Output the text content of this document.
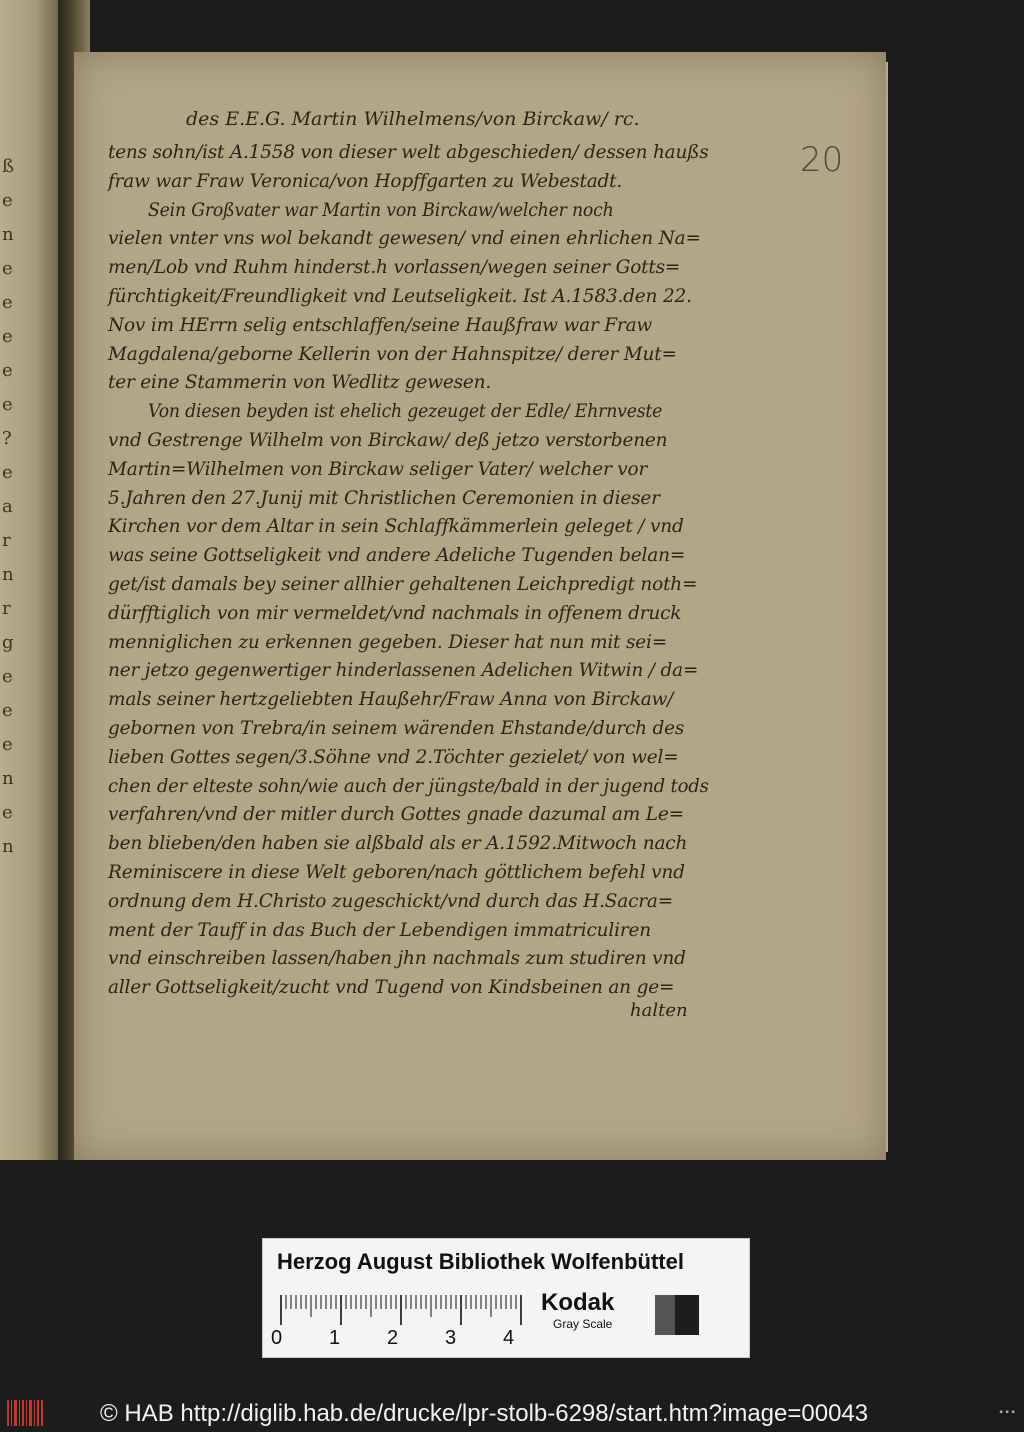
ß
e
n
e
e
e
e
e
?
e
a
r
n
r
g
e
e
e
n
e
n
des E.E.G. Martin Wilhelmens/von Birckaw/ rc.
20
tens sohn/ist A.1558 von dieser welt abgeschieden/ dessen haußs
fraw war Fraw Veronica/von Hopffgarten zu Webestadt.
Sein Großvater war Martin von Birckaw/welcher noch
vielen vnter vns wol bekandt gewesen/ vnd einen ehrlichen Na=
men/Lob vnd Ruhm hinderst.h vorlassen/wegen seiner Gotts=
fürchtigkeit/Freundligkeit vnd Leutseligkeit. Ist A.1583.den 22.
Nov im HErrn selig entschlaffen/seine Haußfraw war Fraw
Magdalena/geborne Kellerin von der Hahnspitze/ derer Mut=
ter eine Stammerin von Wedlitz gewesen.
Von diesen beyden ist ehelich gezeuget der Edle/ Ehrnveste
vnd Gestrenge Wilhelm von Birckaw/ deß jetzo verstorbenen
Martin=Wilhelmen von Birckaw seliger Vater/ welcher vor
5.Jahren den 27.Junij mit Christlichen Ceremonien in dieser
Kirchen vor dem Altar in sein Schlaffkämmerlein geleget / vnd
was seine Gottseligkeit vnd andere Adeliche Tugenden belan=
get/ist damals bey seiner allhier gehaltenen Leichpredigt noth=
dürfftiglich von mir vermeldet/vnd nachmals in offenem druck
menniglichen zu erkennen gegeben. Dieser hat nun mit sei=
ner jetzo gegenwertiger hinderlassenen Adelichen Witwin / da=
mals seiner hertzgeliebten Haußehr/Fraw Anna von Birckaw/
gebornen von Trebra/in seinem wärenden Ehstande/durch des
lieben Gottes segen/3.Söhne vnd 2.Töchter gezielet/ von wel=
chen der elteste sohn/wie auch der jüngste/bald in der jugend tods
verfahren/vnd der mitler durch Gottes gnade dazumal am Le=
ben blieben/den haben sie alßbald als er A.1592.Mitwoch nach
Reminiscere in diese Welt geboren/nach göttlichem befehl vnd
ordnung dem H.Christo zugeschickt/vnd durch das H.Sacra=
ment der Tauff in das Buch der Lebendigen immatriculiren
vnd einschreiben lassen/haben jhn nachmals zum studiren vnd
aller Gottseligkeit/zucht vnd Tugend von Kindsbeinen an ge=
halten
Herzog August Bibliothek Wolfenbüttel
0 1 2 3 4
Kodak
Gray Scale
© HAB http://diglib.hab.de/drucke/lpr-stolb-6298/start.htm?image=00043	▪▪▪
